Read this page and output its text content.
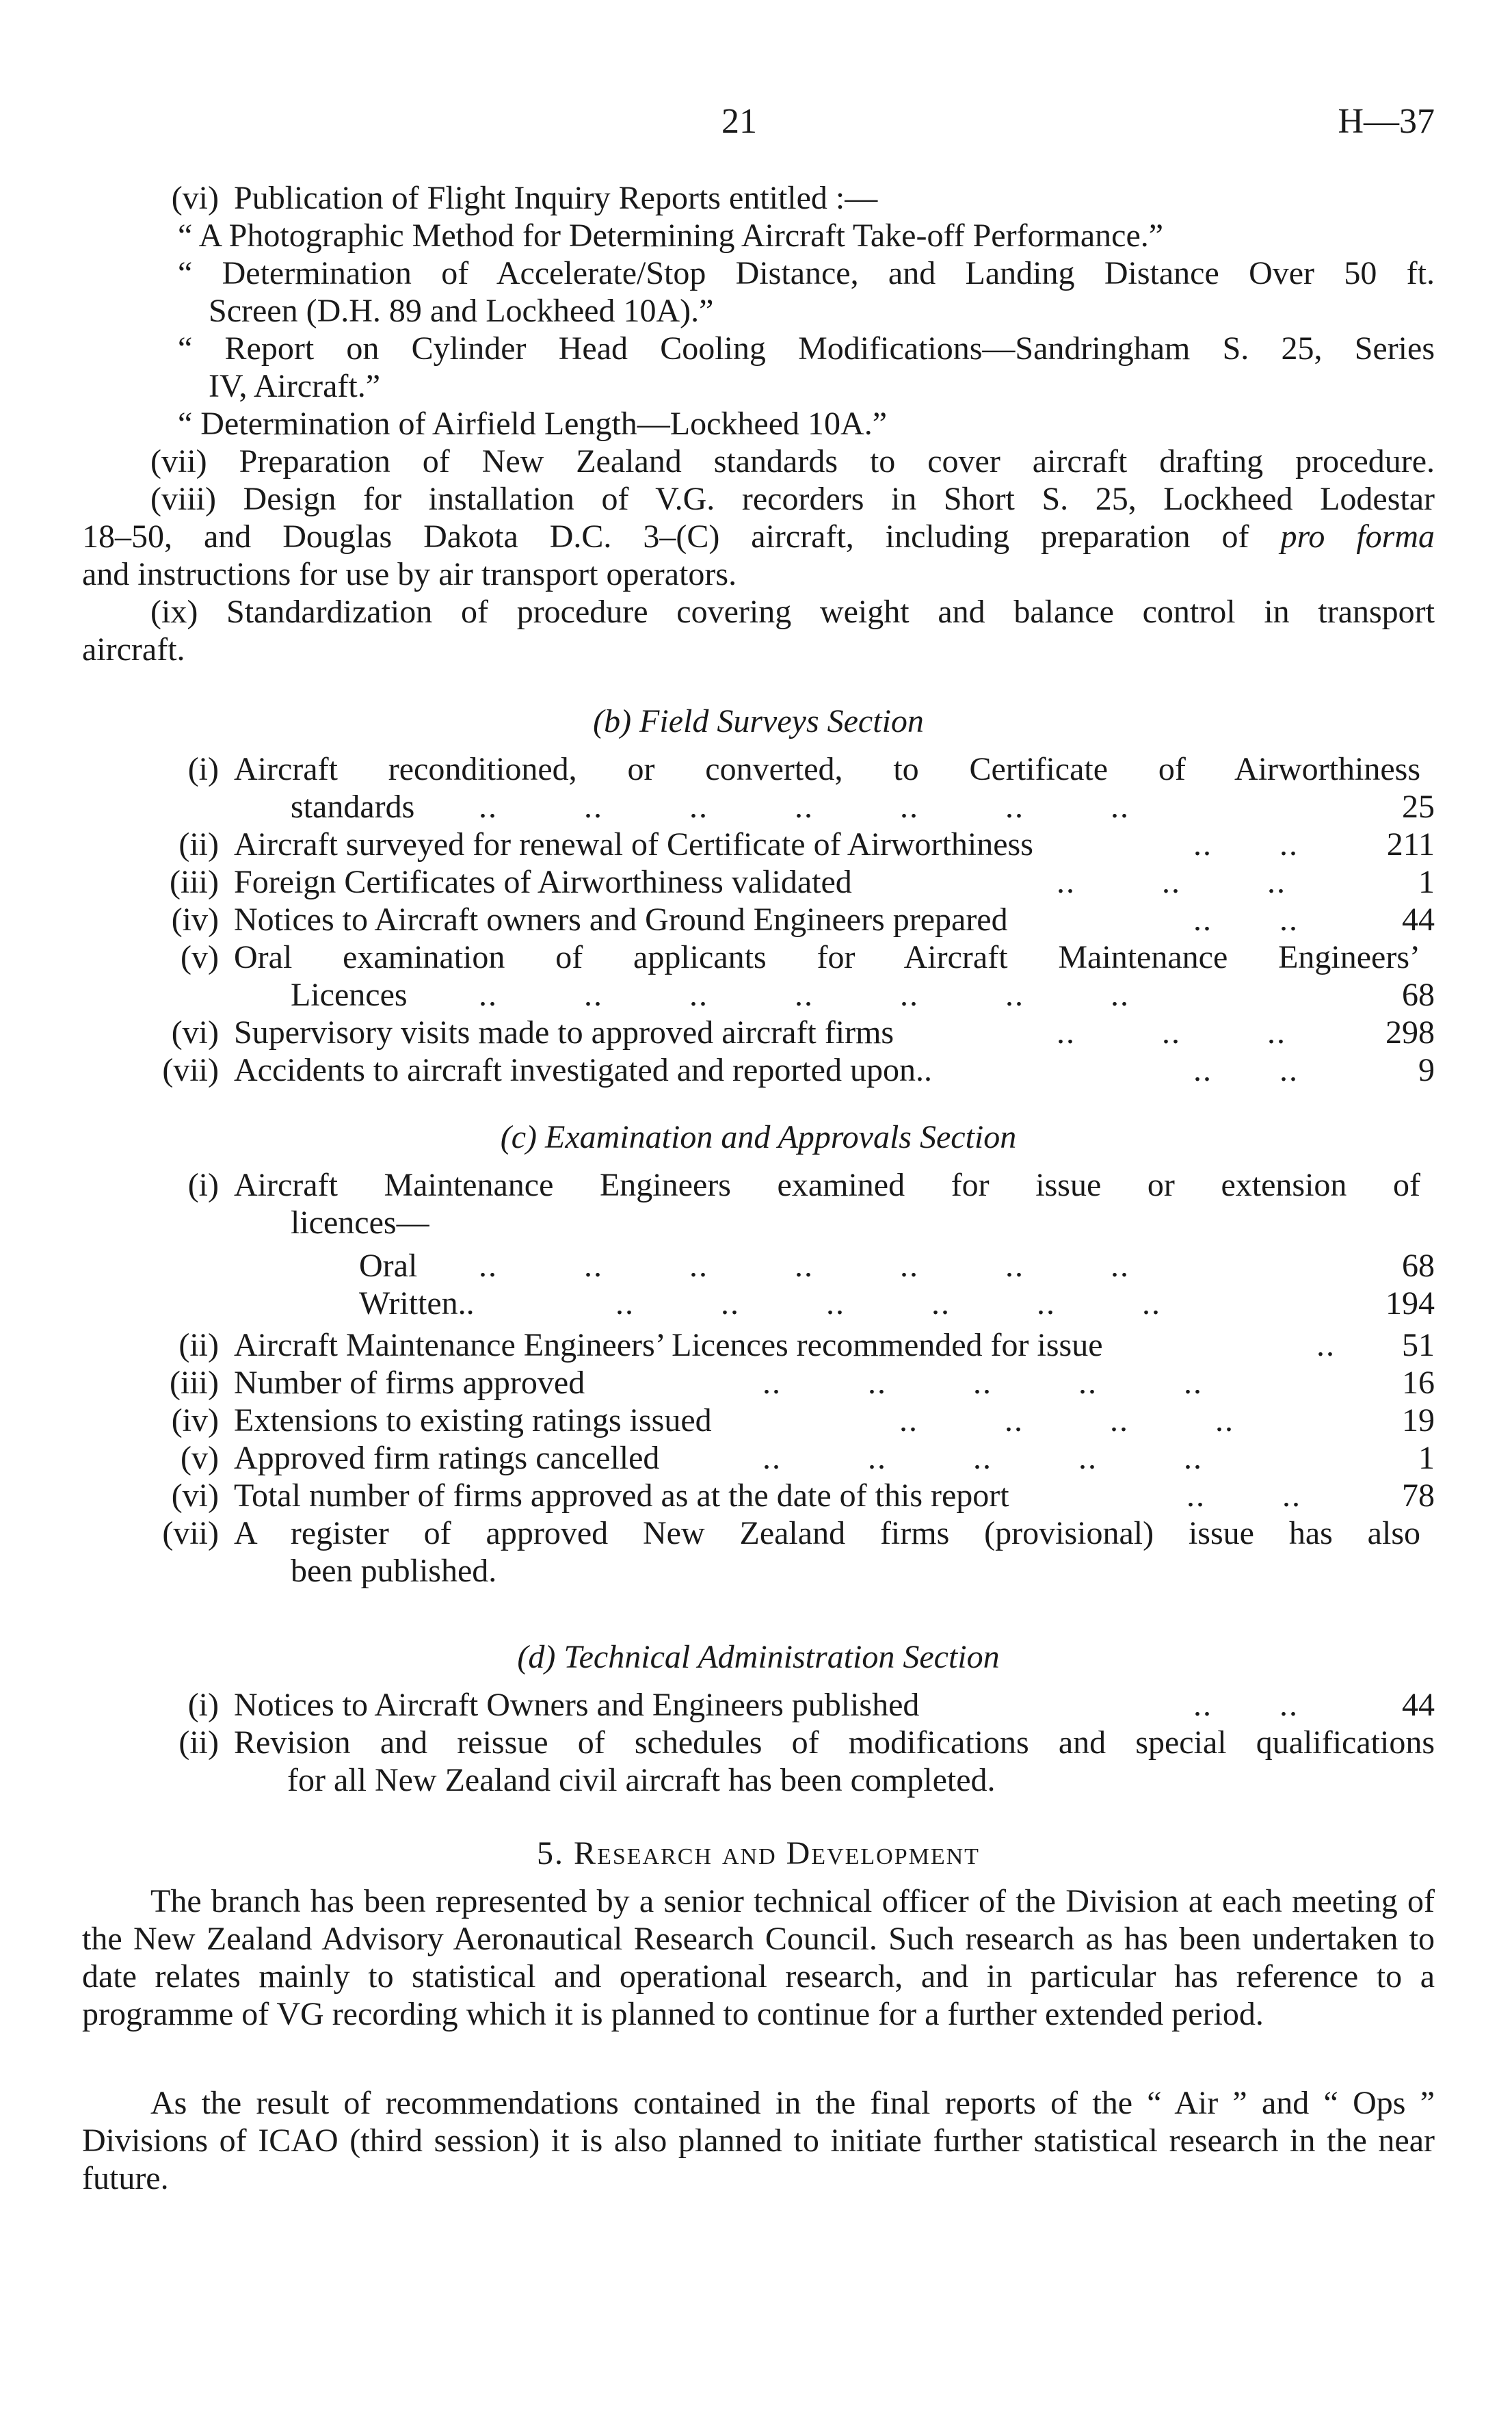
21	H—37
(vi) Publication of Flight Inquiry Reports entitled :—
“ A Photographic Method for Determining Aircraft Take-off Performance.”
“ Determination of Accelerate/Stop Distance, and Landing Distance Over 50 ft.
Screen (D.H. 89 and Lockheed 10A).”
“ Report on Cylinder Head Cooling Modifications—Sandringham S. 25, Series
IV, Aircraft.”
“ Determination of Airfield Length—Lockheed 10A.”
(vii) Preparation of New Zealand standards to cover aircraft drafting procedure.
(viii) Design for installation of V.G. recorders in Short S. 25, Lockheed Lodestar
18–50, and Douglas Dakota D.C. 3–(C) aircraft, including preparation of pro forma
and instructions for use by air transport operators.
(ix) Standardization of procedure covering weight and balance control in transport
aircraft.
(b) Field Surveys Section
(i) Aircraft reconditioned, or converted, to Certificate of Airworthiness
standards	..         ..         ..         ..         ..         ..         ..	25
(ii) Aircraft surveyed for renewal of Certificate of Airworthiness	..       ..	211
(iii) Foreign Certificates of Airworthiness validated	..         ..         ..	1
(iv) Notices to Aircraft owners and Ground Engineers prepared	..       ..	44
(v) Oral examination of applicants for Aircraft Maintenance Engineers’
Licences	..         ..         ..         ..         ..         ..         ..	68
(vi) Supervisory visits made to approved aircraft firms	..         ..         ..	298
(vii) Accidents to aircraft investigated and reported upon..	..       ..	9
(c) Examination and Approvals Section
(i) Aircraft Maintenance Engineers examined for issue or extension of
licences—
Oral	..         ..         ..         ..         ..         ..         ..	68
Written..	..         ..         ..         ..         ..         ..	194
(ii) Aircraft Maintenance Engineers’ Licences recommended for issue	.. 51
(iii) Number of firms approved	..         ..         ..         ..         ..	16
(iv) Extensions to existing ratings issued	..         ..         ..         ..	19
(v) Approved firm ratings cancelled	..         ..         ..         ..         ..	1
(vi) Total number of firms approved as at the date of this report	..        ..	78
(vii) A register of approved New Zealand firms (provisional) issue has also
been published.
(d) Technical Administration Section
(i) Notices to Aircraft Owners and Engineers published	..       ..	44
(ii) Revision and reissue of schedules of modifications and special qualifications
for all New Zealand civil aircraft has been completed.
5. Research and Development
The branch has been represented by a senior technical officer of the Division at each meeting of the New Zealand Advisory Aeronautical Research Council. Such research as has been undertaken to date relates mainly to statistical and operational research, and in particular has reference to a programme of VG recording which it is planned to continue for a further extended period.
As the result of recommendations contained in the final reports of the “ Air ” and “ Ops ” Divisions of ICAO (third session) it is also planned to initiate further statistical research in the near future.
